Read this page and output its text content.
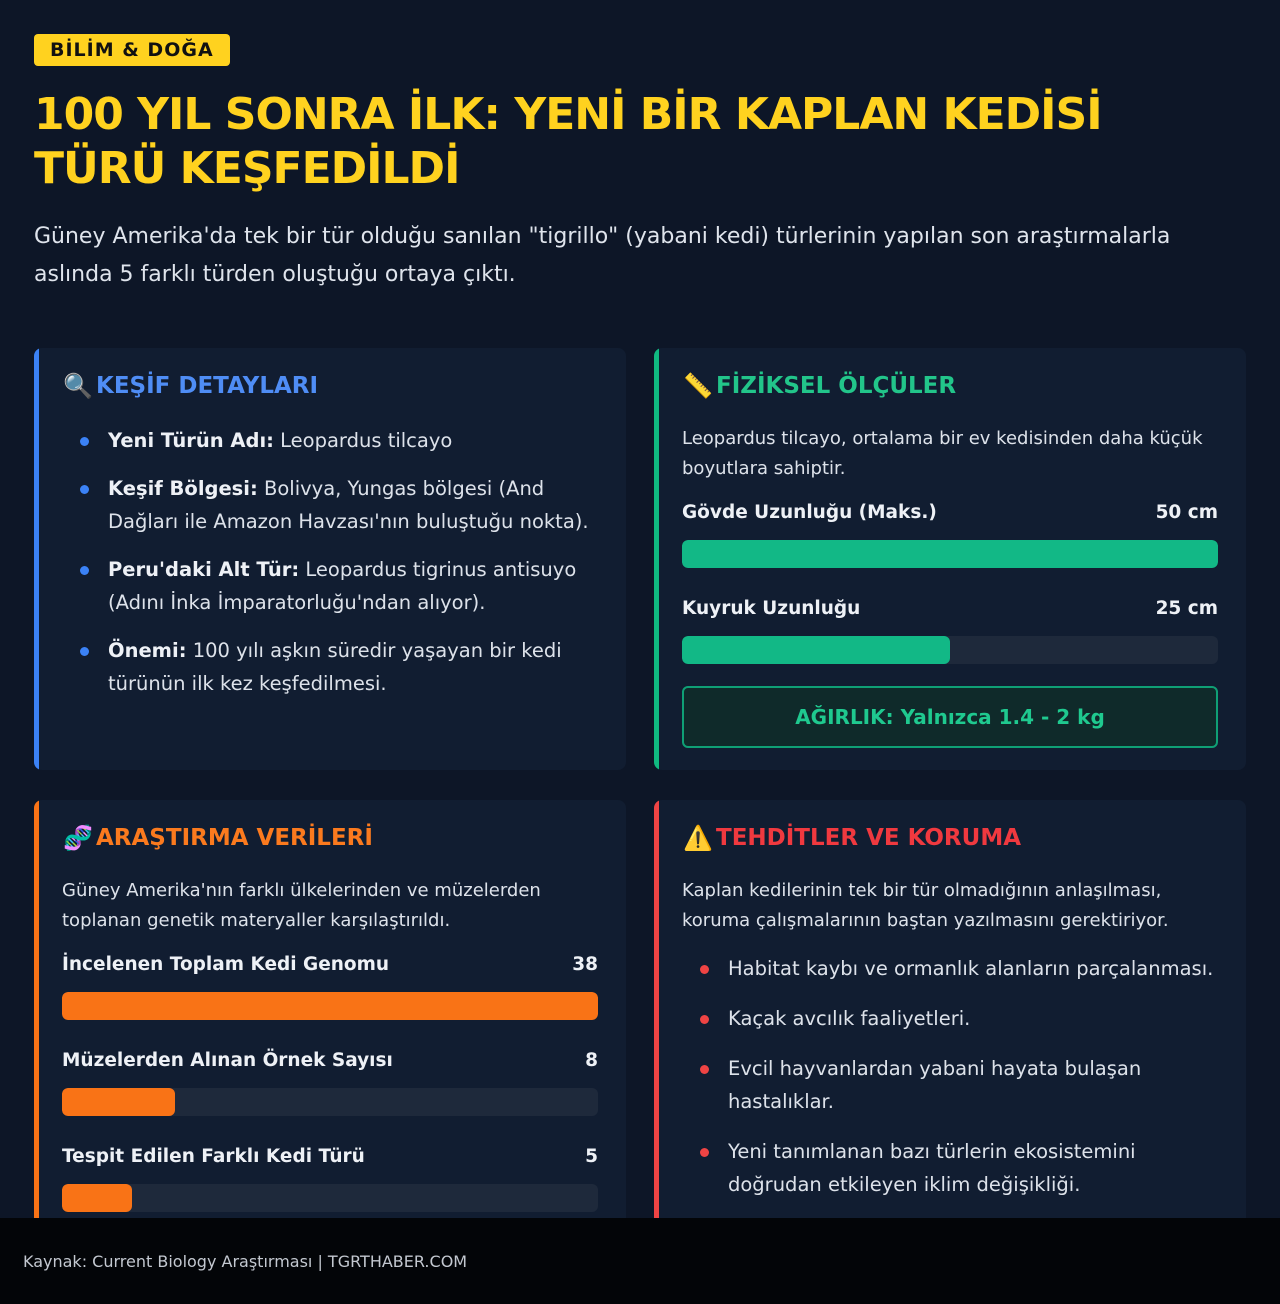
BİLİM & DOĞA
100 YIL SONRA İLK: YENİ BİR KAPLAN KEDİSİ TÜRÜ KEŞFEDİLDİ

Güney Amerika'da tek bir tür olduğu sanılan "tigrillo" (yabani kedi) türlerinin yapılan son araştırmalarla aslında 5 farklı türden oluştuğu ortaya çıktı.

🔍 KEŞİF DETAYLARI
Yeni Türün Adı: Leopardus tilcayo
Keşif Bölgesi: Bolivya, Yungas bölgesi (And Dağları ile Amazon Havzası'nın buluştuğu nokta).
Peru'daki Alt Tür: Leopardus tigrinus antisuyo (Adını İnka İmparatorluğu'ndan alıyor).
Önemi: 100 yılı aşkın süredir yaşayan bir kedi türünün ilk kez keşfedilmesi.
📏 FİZİKSEL ÖLÇÜLER

Leopardus tilcayo, ortalama bir ev kedisinden daha küçük boyutlara sahiptir.

Gövde Uzunluğu (Maks.)	50 cm
Kuyruk Uzunluğu	25 cm
AĞIRLIK: Yalnızca 1.4 - 2 kg
🧬 ARAŞTIRMA VERİLERİ

Güney Amerika'nın farklı ülkelerinden ve müzelerden toplanan genetik materyaller karşılaştırıldı.

İncelenen Toplam Kedi Genomu	38
Müzelerden Alınan Örnek Sayısı	8
Tespit Edilen Farklı Kedi Türü	5
⚠️ TEHDİTLER VE KORUMA

Kaplan kedilerinin tek bir tür olmadığının anlaşılması, koruma çalışmalarının baştan yazılmasını gerektiriyor.

Habitat kaybı ve ormanlık alanların parçalanması.
Kaçak avcılık faaliyetleri.
Evcil hayvanlardan yabani hayata bulaşan hastalıklar.
Yeni tanımlanan bazı türlerin ekosistemini doğrudan etkileyen iklim değişikliği.
Kaynak: Current Biology Araştırması | TGRTHABER.COM
